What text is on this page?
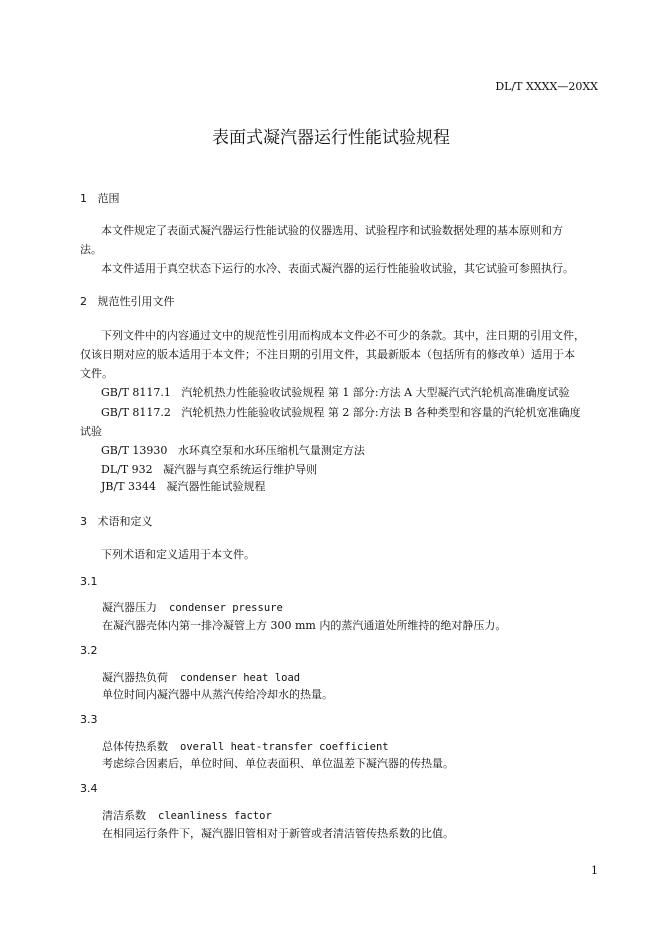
DL/T XXXX—20XX
表面式凝汽器运行性能试验规程
1 范围
本文件规定了表面式凝汽器运行性能试验的仪器选用、试验程序和试验数据处理的基本原则和方
法。
本文件适用于真空状态下运行的水冷、表面式凝汽器的运行性能验收试验，其它试验可参照执行。
2 规范性引用文件
下列文件中的内容通过文中的规范性引用而构成本文件必不可少的条款。其中，注日期的引用文件，
仅该日期对应的版本适用于本文件；不注日期的引用文件，其最新版本（包括所有的修改单）适用于本
文件。
GB/T 8117.1 汽轮机热力性能验收试验规程 第 1 部分:方法 A 大型凝汽式汽轮机高准确度试验
GB/T 8117.2 汽轮机热力性能验收试验规程 第 2 部分:方法 B 各种类型和容量的汽轮机宽准确度
试验
GB/T 13930 水环真空泵和水环压缩机气量测定方法
DL/T 932 凝汽器与真空系统运行维护导则
JB/T 3344 凝汽器性能试验规程
3 术语和定义
下列术语和定义适用于本文件。
3.1
凝汽器压力 condenser pressure
在凝汽器壳体内第一排冷凝管上方 300 mm 内的蒸汽通道处所维持的绝对静压力。
3.2
凝汽器热负荷 condenser heat load
单位时间内凝汽器中从蒸汽传给冷却水的热量。
3.3
总体传热系数 overall heat-transfer coefficient
考虑综合因素后，单位时间、单位表面积、单位温差下凝汽器的传热量。
3.4
清洁系数 cleanliness factor
在相同运行条件下，凝汽器旧管相对于新管或者清洁管传热系数的比值。
1
